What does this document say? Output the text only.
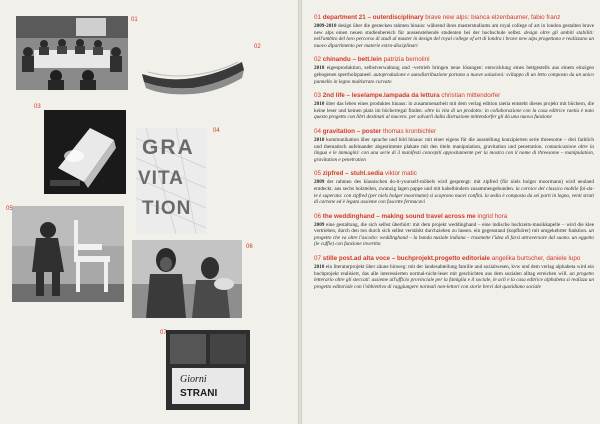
01
02
03
GRA
VITA
TION
04
05
06
Giorni
STRANI
07
01 department 21 – outerdisciplinary brave new alps: bianca elzenbaumer, fabio franz
2009-2010 design über die gestecken rahmen hinaus: während ihres masterstudiums am royal college of art in london gestalten brave new alps einen neuen studienbereich für aussenstehende studenten bei der hochschule selbst. design oltre gli ambiti stabiliti: nell'ambito del loro percorso di studi al master in design del royal college of art di londra i brave new alps progettano e realizzano un nuovo dipartimento per materie extra-disciplinari
02 chinandu – bett.lein patrizia bernolini
2010 eigenproduktion, selbstverwaltung und -vertrieb bringen neue lösungen: entwicklung eines bettgestells aus einem einzigen gebogenen sperrholzpaneel. autoproduzione e autodistribuzione portano a nuove soluzioni: sviluppo di un letto composto da un unico pannello in legno multistrato curvato
03 2nd life – leselampe.lampada da lettura christian mittendorfer
2010 über das leben eines produktes hinaus: in zusammenarbeit mit dem verlag edition raetia entsteht dieses projekt mit büchern, die keine leser und keinen platz im bücherregal finden. oltre la vita di un prodotto: in collaborazione con la casa editrice raetia è nato questo progetto con libri destinati al macero. per salvarli dalla distruzione mittendorfer gli dà una nuova funzione
04 gravitation – poster thomas kronbichler
2010 kommunikation über sprache und bild hinaus: mit einer eigens für die ausstellung konzipierten serie threesome – drei farblich und thematisch aufeinander abgestimmte plakate mit den titeln manipulation, gravitation und penetration. comunicazione oltre la lingua e le immagini: con una serie di 3 manifesti concepiti appositamente per la mostra con il nome di threesome – manipulation, gravitation e penetration
05 zipfred – stuhl.sedia viktor matic
2009 der rahmen des klassischen do-it-yourself-möbels wird gesprengt: mit zipfred (für niels holger moormann) wird neuland entdeckt. aus sechs holzteilen, zwanzig lagen pappe und mit kabelbindern zusammengebunden. la cornice del classico mobile fai-da-te è superata: con zipfred (per niels holger moormann) si scoprono nuovi confini. la sedia è composta da sei parti in legno, venti strati di cartone ed è legata assieme con fascette fermacavi
06 the weddinghand – making sound travel across me ingrid hora
2009 eine gestaltung, die sich selbst überhört: mit dem projekt weddinghand – eine indische hochzeits-musikkapelle – wird die klee vertrieben, durch den ton durch sich selbst verstärkt durchziehen zu lassen. ein gegenstand (kopfhörer) mit umgekehrter funktion. un progetto che va oltre l'ascolto: weddinghand – la banda nuziale indiana – trasmette l'idea di farsi attraversare dal suono. un oggetto (le cuffie) con funzione invertita
07 stille post.ad alta voce – buchprojekt.progetto editoriale angelika burtscher, daniele lupo
2010 ein literaturprojekt über zäune hinweg: mit der landesabteilung familie und sozialwesen, kvw und dem verlag alphabeta wird ein buchprojekt realisiert, das alle interessierten normal-nicht-leser mit geschichten aus dem sozialen alltag erreichen will. un progetto letterario oltre gli steccati: assieme all'ufficio provinciale per la famiglia e il sociale, le acli e la casa editrice alphabeta si realizza un progetto editoriale con l'obbiettivo di raggiungere normali non-lettori con storie brevi dal quotidiano sociale
